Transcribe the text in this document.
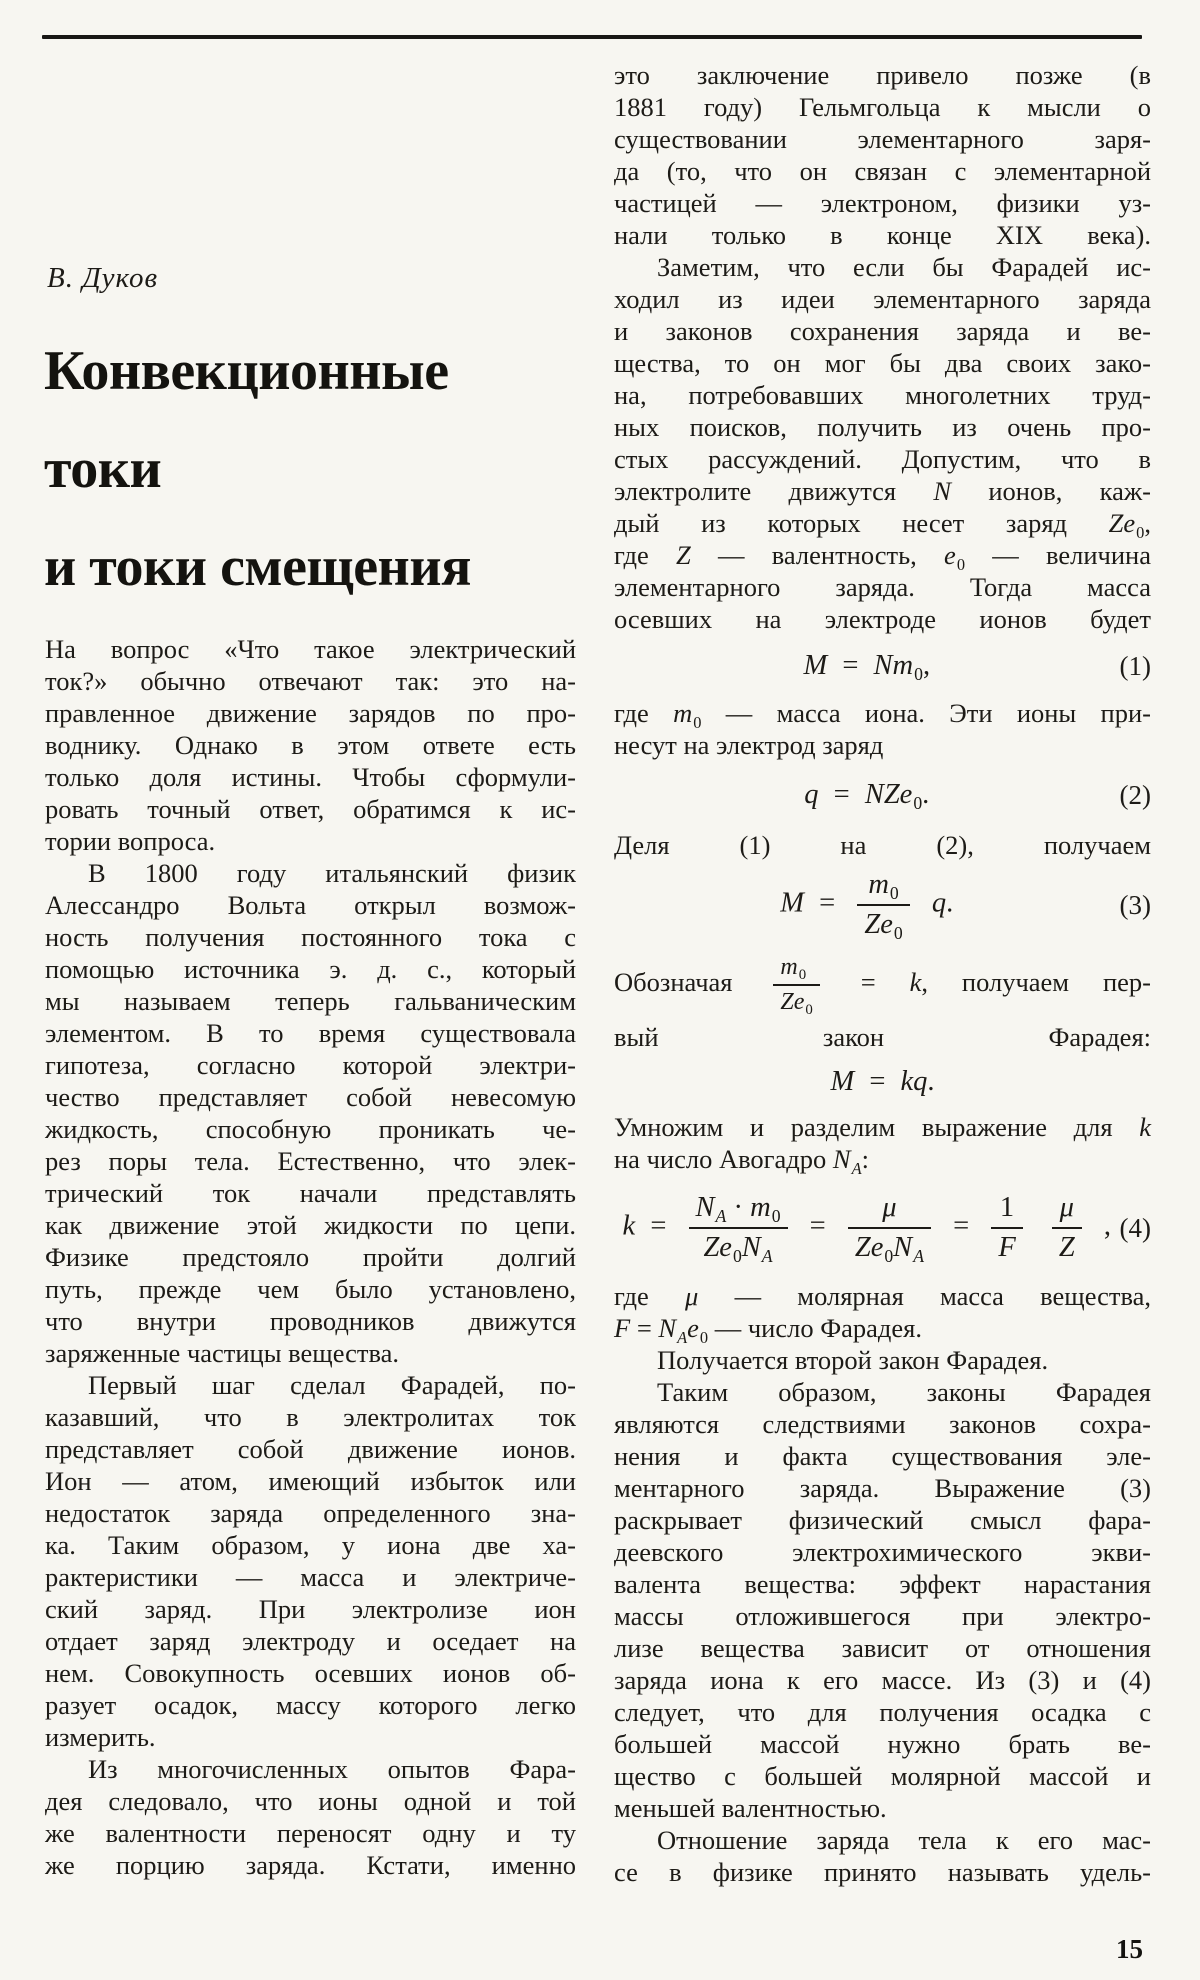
В. Дуков
Конвекционные
токи
и токи смещения
На вопрос «Что такое электрический
ток?» обычно отвечают так: это на-
правленное движение зарядов по про-
воднику. Однако в этом ответе есть
только доля истины. Чтобы сформули-
ровать точный ответ, обратимся к ис-
тории вопроса.
В 1800 году итальянский физик
Алессандро Вольта открыл возмож-
ность получения постоянного тока с
помощью источника э. д. с., который
мы называем теперь гальваническим
элементом. В то время существовала
гипотеза, согласно которой электри-
чество представляет собой невесомую
жидкость, способную проникать че-
рез поры тела. Естественно, что элек-
трический ток начали представлять
как движение этой жидкости по цепи.
Физике предстояло пройти долгий
путь, прежде чем было установлено,
что внутри проводников движутся
заряженные частицы вещества.
Первый шаг сделал Фарадей, по-
казавший, что в электролитах ток
представляет собой движение ионов.
Ион — атом, имеющий избыток или
недостаток заряда определенного зна-
ка. Таким образом, у иона две ха-
рактеристики — масса и электриче-
ский заряд. При электролизе ион
отдает заряд электроду и оседает на
нем. Совокупность осевших ионов об-
разует осадок, массу которого легко
измерить.
Из многочисленных опытов Фара-
дея следовало, что ионы одной и той
же валентности переносят одну и ту
же порцию заряда. Кстати, именно
это заключение привело позже (в
1881 году) Гельмгольца к мысли о
существовании элементарного заря-
да (то, что он связан с элементарной
частицей — электроном, физики уз-
нали только в конце XIX века).
Заметим, что если бы Фарадей ис-
ходил из идеи элементарного заряда
и законов сохранения заряда и ве-
щества, то он мог бы два своих зако-
на, потребовавших многолетних труд-
ных поисков, получить из очень про-
стых рассуждений. Допустим, что в
электролите движутся N ионов, каж-
дый из которых несет заряд $Ze_0$,
где Z — валентность, $e_0$ — величина
элементарного заряда. Тогда масса
осевших на электроде ионов будет
$M = Nm_0$,	(1)
где $m_0$ — масса иона. Эти ионы при-
несут на электрод заряд
q = NZe$_0$.	(2)
Деля (1) на (2), получаем
$M = \frac{m_0}{Ze_0} q$.	(3)
Обозначая $\frac{m_0}{Ze_0} = k$, получаем пер-
вый закон Фарадея:
M = kq.
Умножим и разделим выражение для k
на число Авогадро $N_A$:
$k = \frac{N_A \cdot m_0}{Ze_0N_A} = \frac{\mu}{Ze_0N_A} = \frac{1}{F}$
$\frac{\mu}{Z}$ , (4)
где μ — молярная масса вещества,
$F = N_Ae_0$ — число Фарадея.
Получается второй закон Фарадея.
Таким образом, законы Фарадея
являются следствиями законов сохра-
нения и факта существования эле-
ментарного заряда. Выражение (3)
раскрывает физический смысл фара-
деевского электрохимического экви-
валента вещества: эффект нарастания
массы отложившегося при электро-
лизе вещества зависит от отношения
заряда иона к его массе. Из (3) и (4)
следует, что для получения осадка с
большей массой нужно брать ве-
щество с большей молярной массой и
меньшей валентностью.
Отношение заряда тела к его мас-
се в физике принято называть удель-
15
